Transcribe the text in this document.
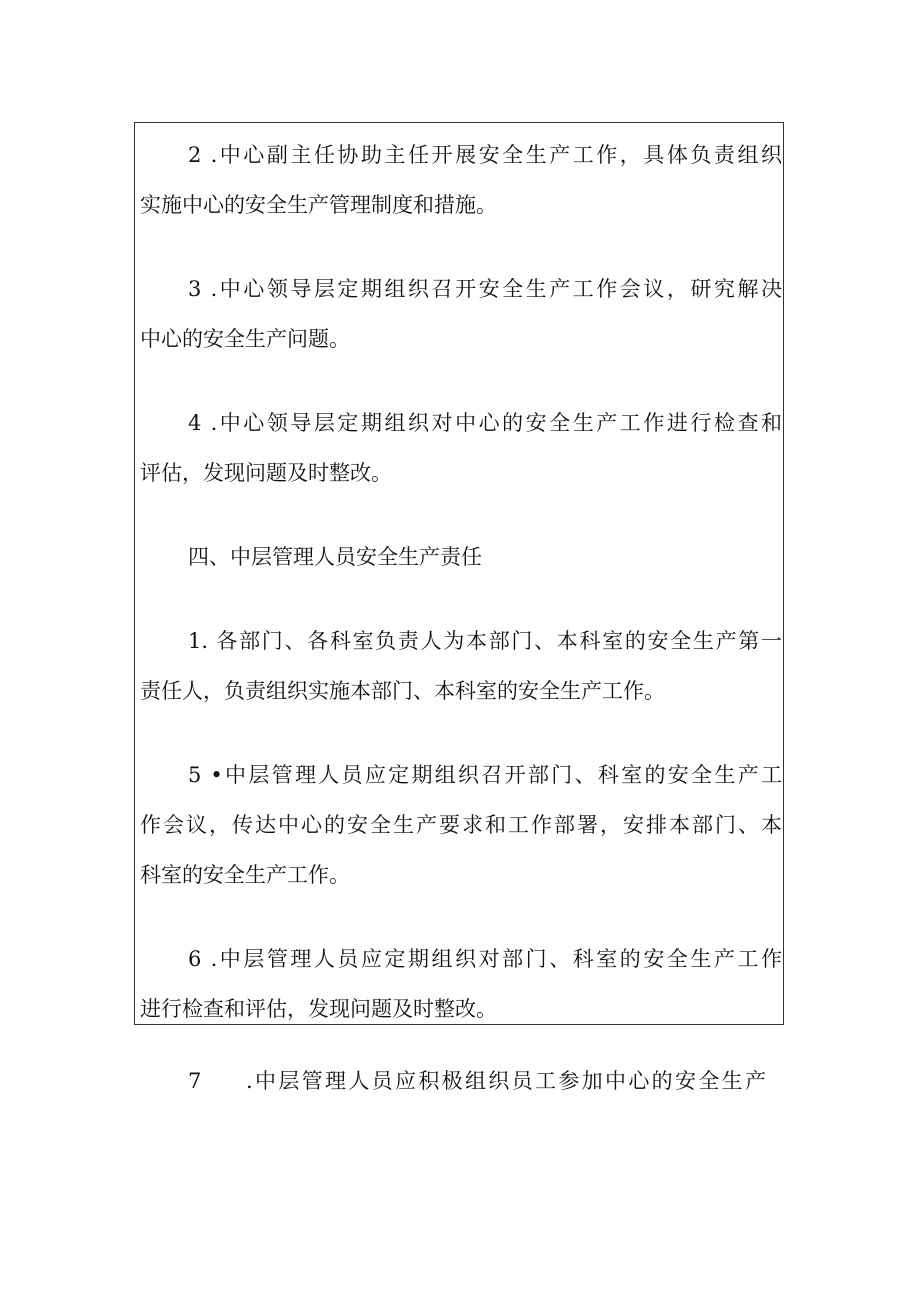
2 .中心副主任协助主任开展安全生产工作，具体负责组织
实施中心的安全生产管理制度和措施。
3 .中心领导层定期组织召开安全生产工作会议，研究解决
中心的安全生产问题。
4 .中心领导层定期组织对中心的安全生产工作进行检查和
评估，发现问题及时整改。
四、中层管理人员安全生产责任
1. 各部门、各科室负责人为本部门、本科室的安全生产第一
责任人，负责组织实施本部门、本科室的安全生产工作。
5 •中层管理人员应定期组织召开部门、科室的安全生产工
作会议，传达中心的安全生产要求和工作部署，安排本部门、本
科室的安全生产工作。
6 .中层管理人员应定期组织对部门、科室的安全生产工作
进行检查和评估，发现问题及时整改。
7 .中层管理人员应积极组织员工参加中心的安全生产
